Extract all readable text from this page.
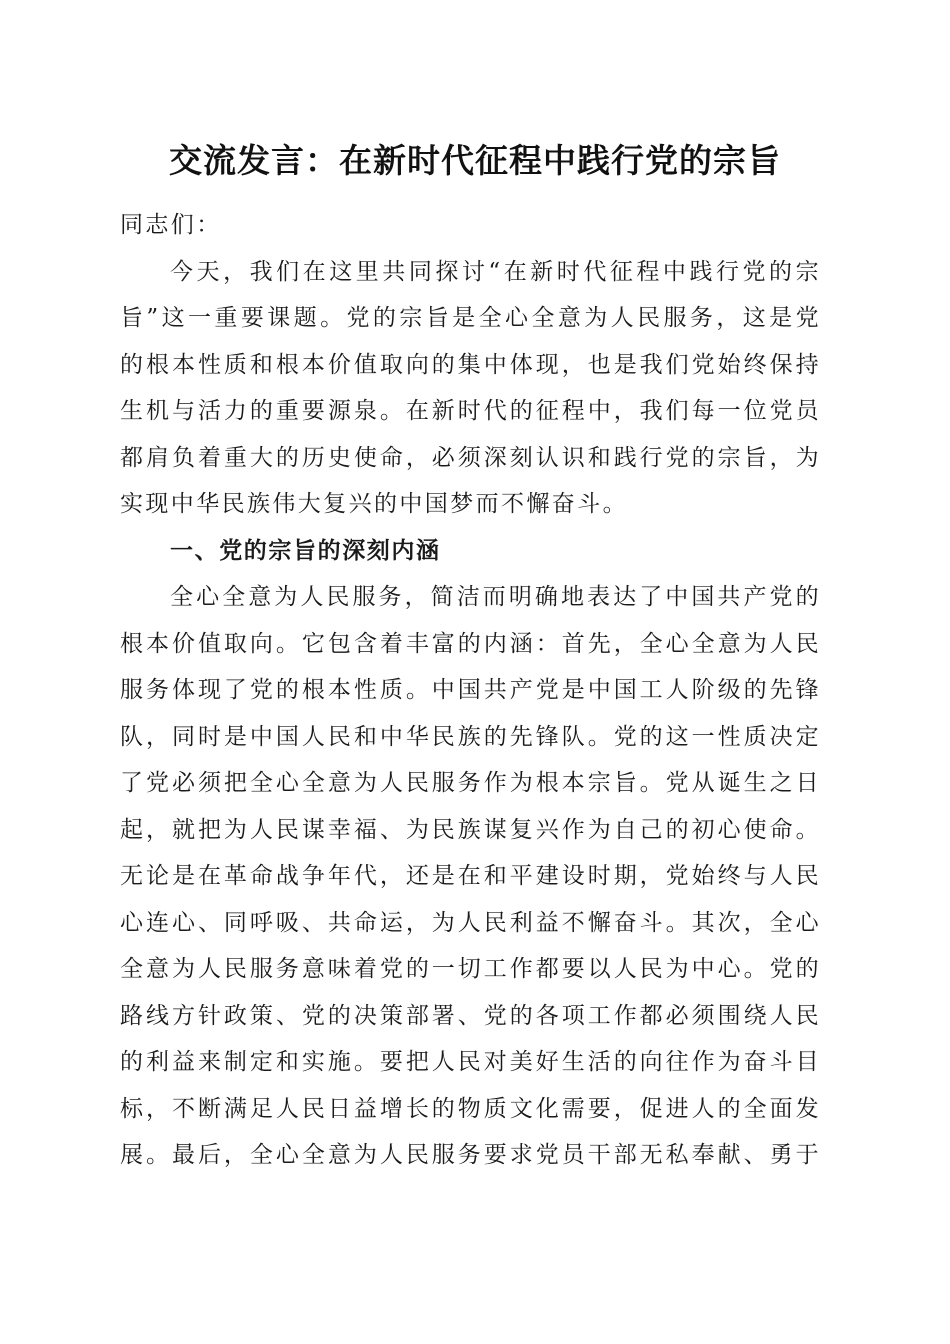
交流发言：在新时代征程中践行党的宗旨
同志们：
今天，我们在这里共同探讨“在新时代征程中践行党的宗
旨”这一重要课题。党的宗旨是全心全意为人民服务，这是党
的根本性质和根本价值取向的集中体现，也是我们党始终保持
生机与活力的重要源泉。在新时代的征程中，我们每一位党员
都肩负着重大的历史使命，必须深刻认识和践行党的宗旨，为
实现中华民族伟大复兴的中国梦而不懈奋斗。
一、党的宗旨的深刻内涵
全心全意为人民服务，简洁而明确地表达了中国共产党的
根本价值取向。它包含着丰富的内涵：首先，全心全意为人民
服务体现了党的根本性质。中国共产党是中国工人阶级的先锋
队，同时是中国人民和中华民族的先锋队。党的这一性质决定
了党必须把全心全意为人民服务作为根本宗旨。党从诞生之日
起，就把为人民谋幸福、为民族谋复兴作为自己的初心使命。
无论是在革命战争年代，还是在和平建设时期，党始终与人民
心连心、同呼吸、共命运，为人民利益不懈奋斗。其次，全心
全意为人民服务意味着党的一切工作都要以人民为中心。党的
路线方针政策、党的决策部署、党的各项工作都必须围绕人民
的利益来制定和实施。要把人民对美好生活的向往作为奋斗目
标，不断满足人民日益增长的物质文化需要，促进人的全面发
展。最后，全心全意为人民服务要求党员干部无私奉献、勇于
